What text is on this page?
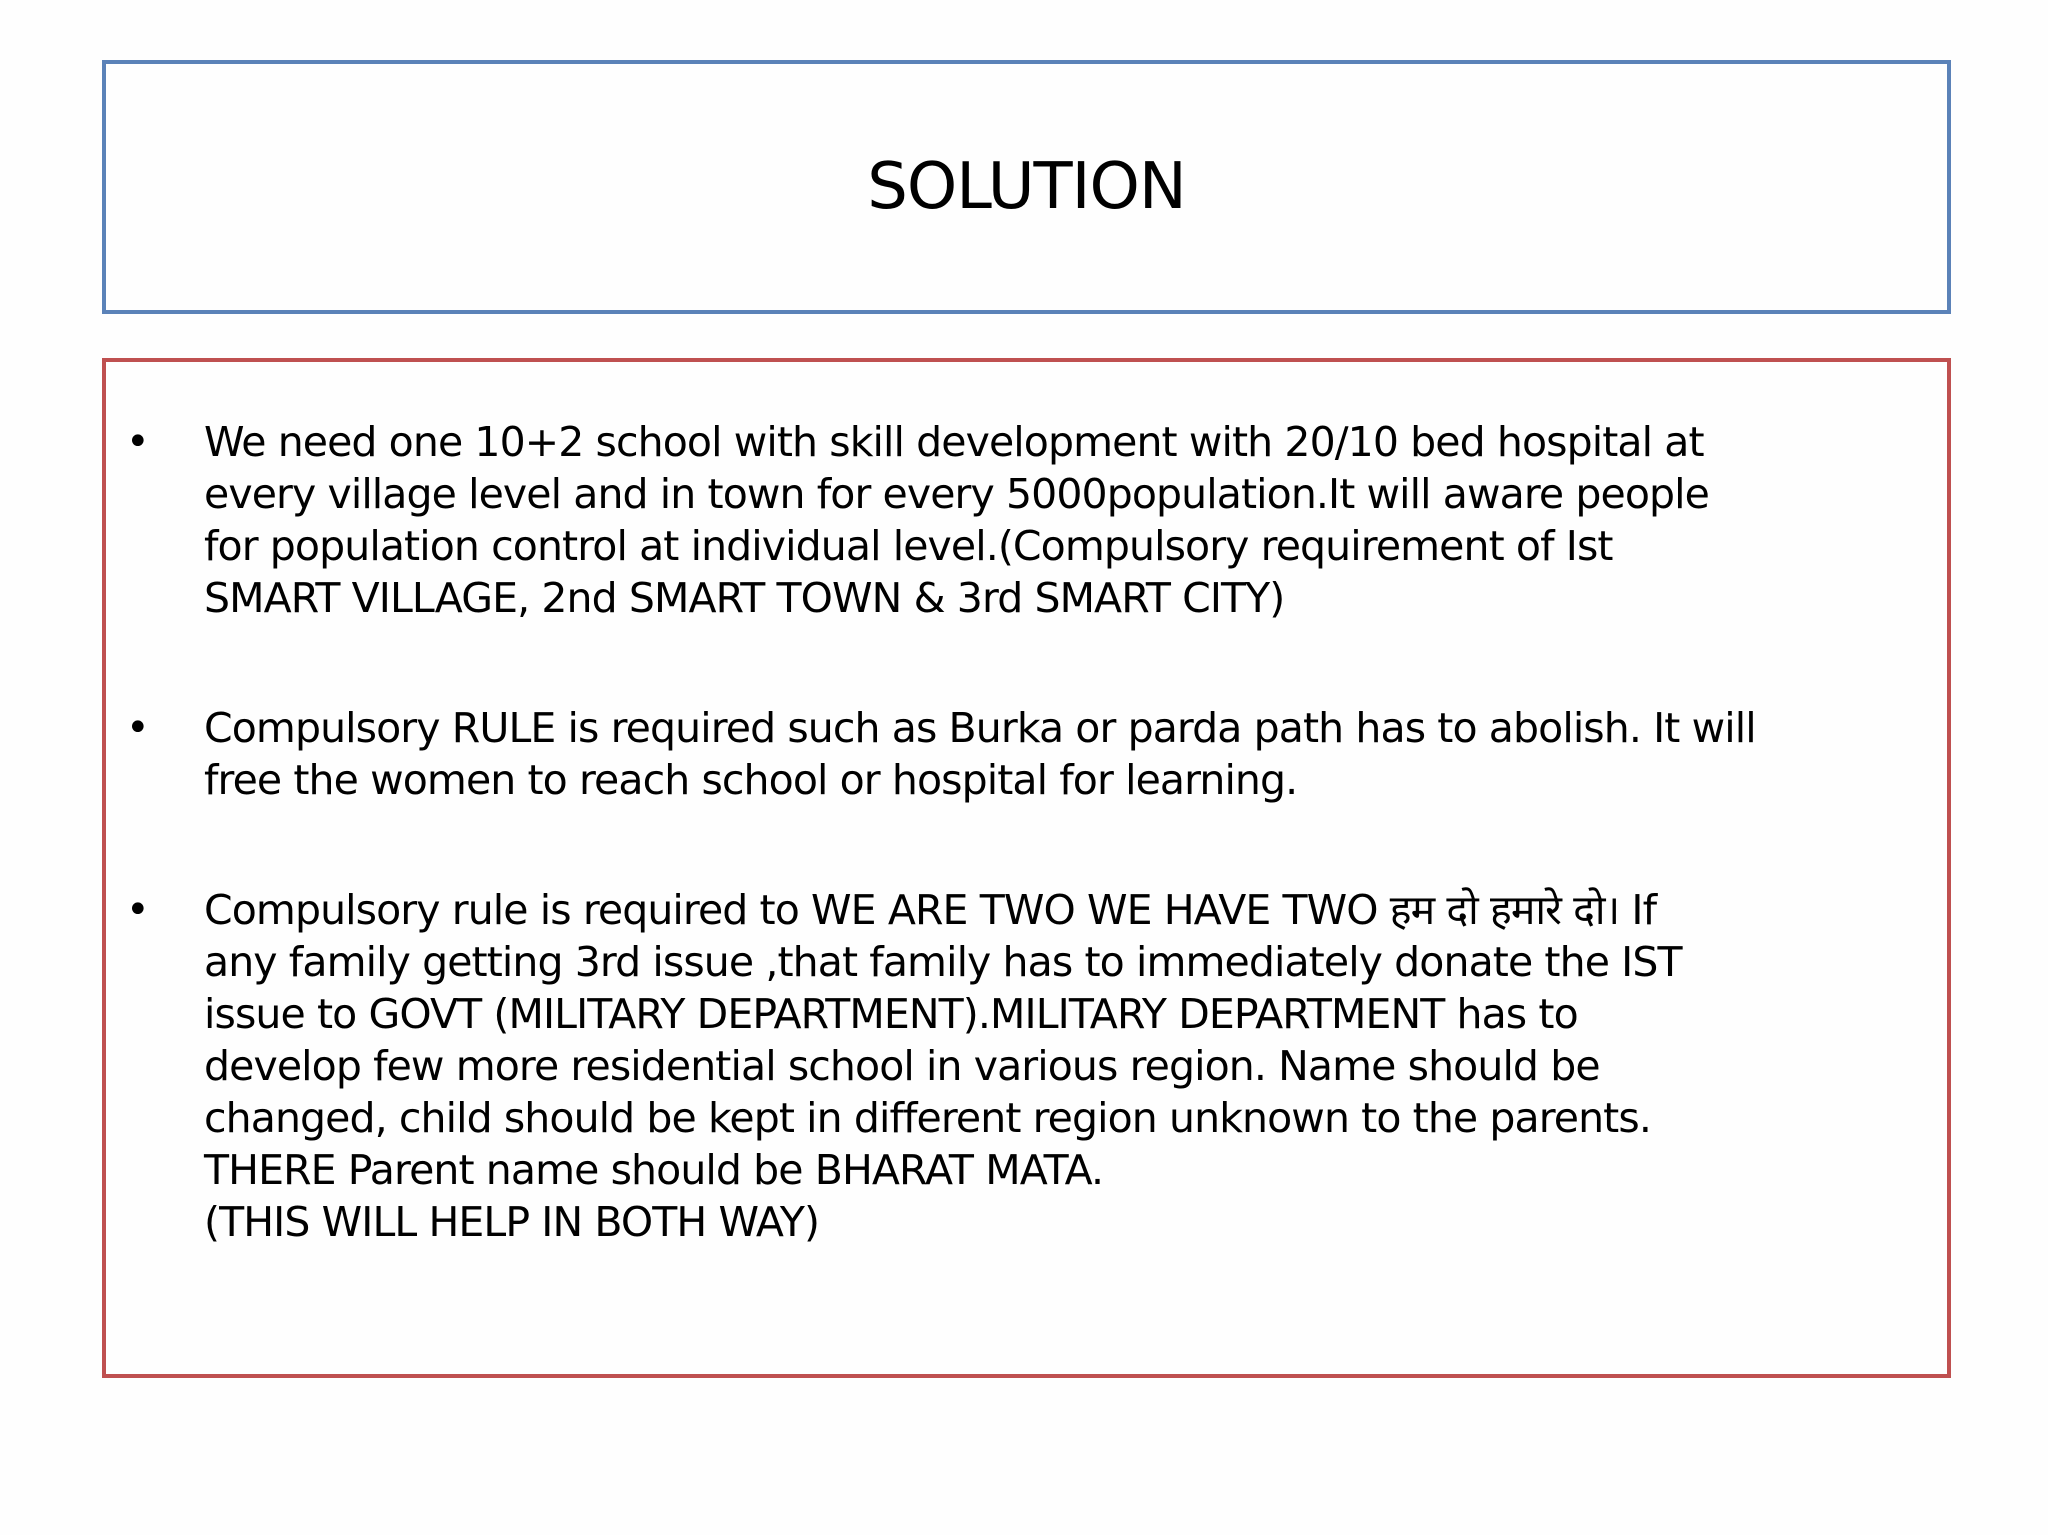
SOLUTION
• We need one 10+2 school with skill development with 20/10 bed hospital at
every village level and in town for every 5000population.It will aware people
for population control at individual level.(Compulsory requirement of Ist
SMART VILLAGE, 2nd SMART TOWN & 3rd SMART CITY)

• Compulsory RULE is required such as Burka or parda path has to abolish. It will
free the women to reach school or hospital for learning.

• Compulsory rule is required to WE ARE TWO WE HAVE TWO हम दो हमारे दो। If
any family getting 3rd issue ,that family has to immediately donate the IST
issue to GOVT (MILITARY DEPARTMENT).MILITARY DEPARTMENT has to
develop few more residential school in various region. Name should be
changed, child should be kept in different region unknown to the parents.
THERE Parent name should be BHARAT MATA.
(THIS WILL HELP IN BOTH WAY)
